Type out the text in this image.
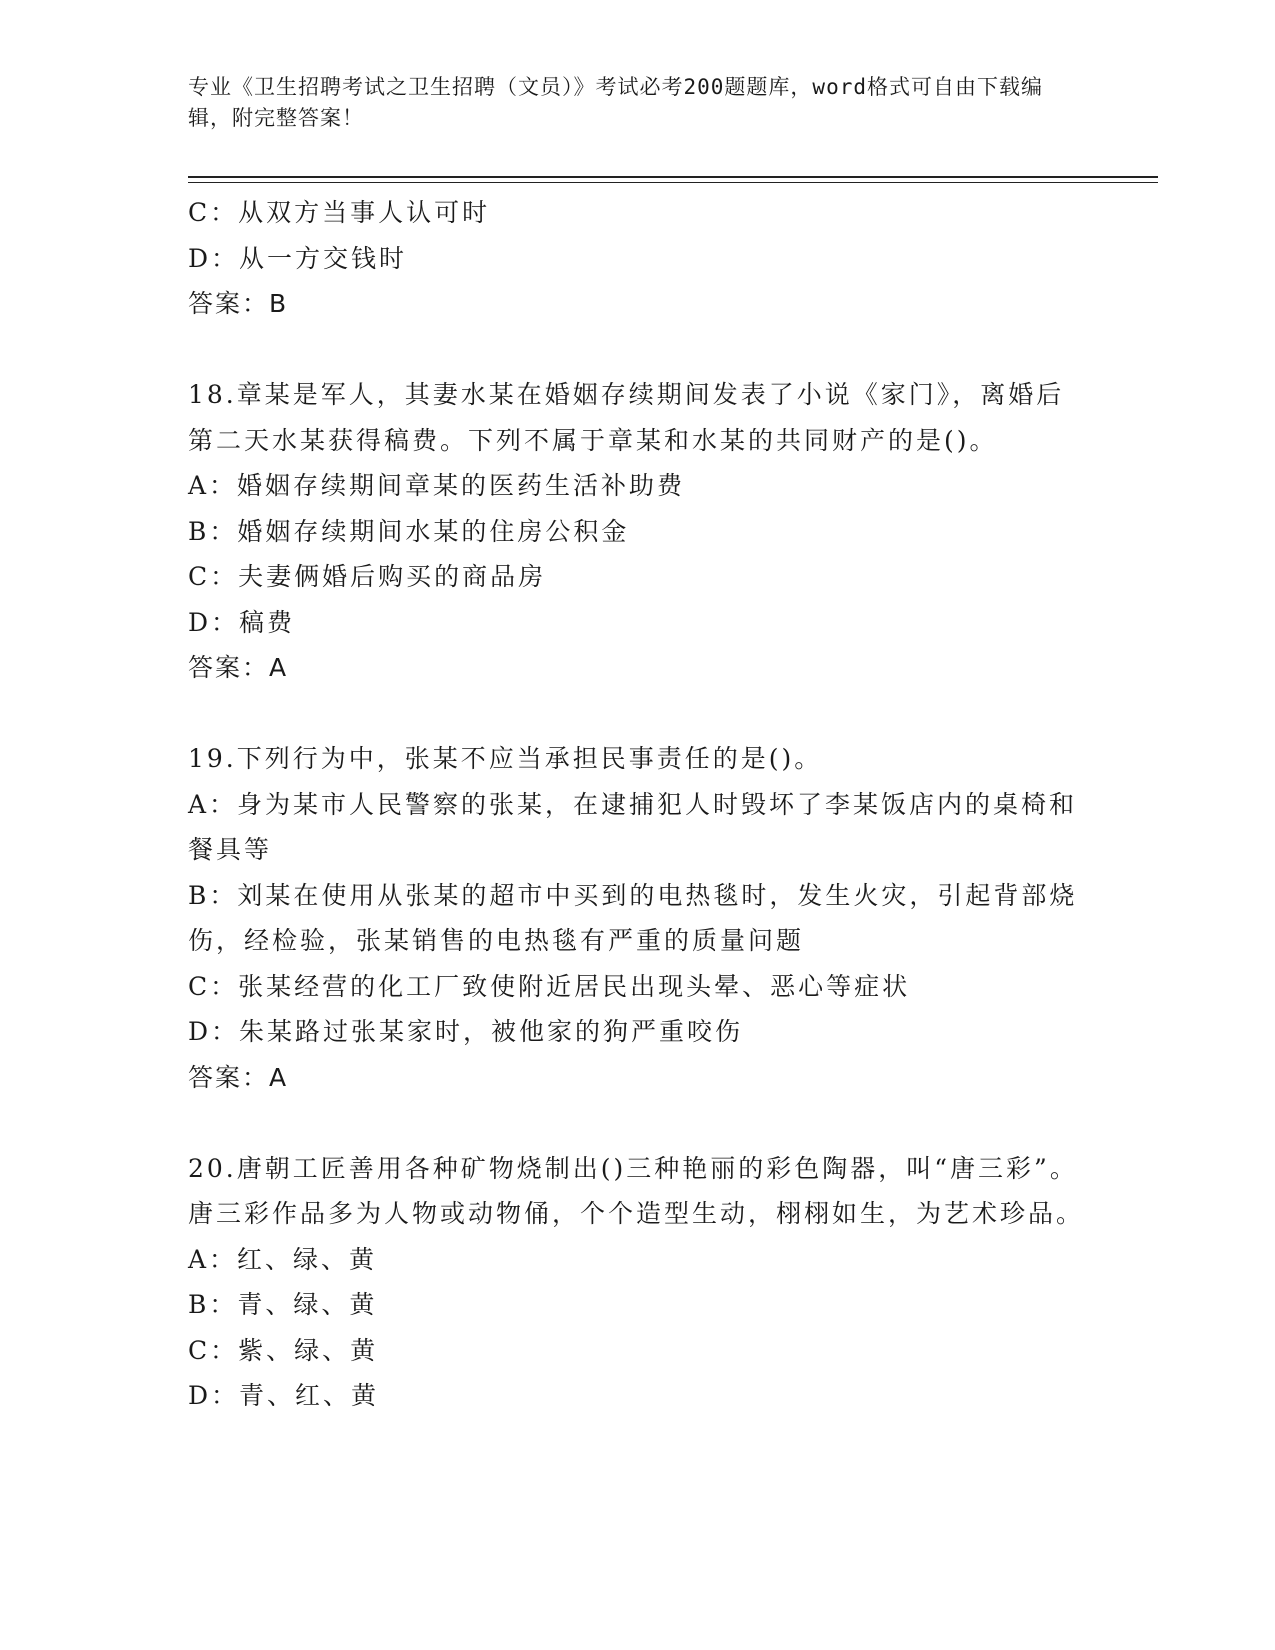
专业《卫生招聘考试之卫生招聘（文员）》考试必考200题题库，word格式可自由下载编辑，附完整答案！
C：从双方当事人认可时
D：从一方交钱时
答案：B
18.章某是军人，其妻水某在婚姻存续期间发表了小说《家门》，离婚后第二天水某获得稿费。下列不属于章某和水某的共同财产的是()。
A：婚姻存续期间章某的医药生活补助费
B：婚姻存续期间水某的住房公积金
C：夫妻俩婚后购买的商品房
D：稿费
答案：A
19.下列行为中，张某不应当承担民事责任的是()。
A：身为某市人民警察的张某，在逮捕犯人时毁坏了李某饭店内的桌椅和餐具等
B：刘某在使用从张某的超市中买到的电热毯时，发生火灾，引起背部烧伤，经检验，张某销售的电热毯有严重的质量问题
C：张某经营的化工厂致使附近居民出现头晕、恶心等症状
D：朱某路过张某家时，被他家的狗严重咬伤
答案：A
20.唐朝工匠善用各种矿物烧制出()三种艳丽的彩色陶器，叫“唐三彩”。唐三彩作品多为人物或动物俑，个个造型生动，栩栩如生，为艺术珍品。
A：红、绿、黄
B：青、绿、黄
C：紫、绿、黄
D：青、红、黄
